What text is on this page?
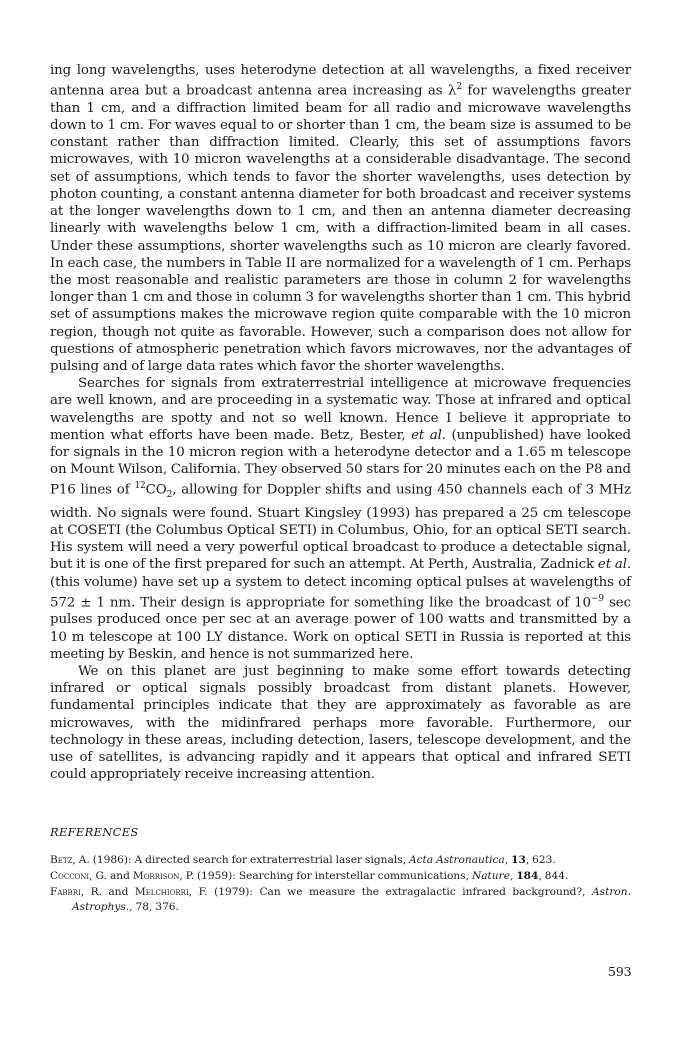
ing long wavelengths, uses heterodyne detection at all wavelengths, a fixed receiver antenna area but a broadcast antenna area increasing as $\lambda^2$ for wavelengths greater than 1 cm, and a diffraction limited beam for all radio and microwave wavelengths down to 1 cm. For waves equal to or shorter than 1 cm, the beam size is assumed to be constant rather than diffraction limited. Clearly, this set of assumptions favors microwaves, with 10 micron wavelengths at a considerable disadvantage. The second set of assumptions, which tends to favor the shorter wavelengths, uses detection by photon counting, a constant antenna diameter for both broadcast and receiver systems at the longer wavelengths down to 1 cm, and then an antenna diameter decreasing linearly with wavelengths below 1 cm, with a diffraction-limited beam in all cases. Under these assumptions, shorter wavelengths such as 10 micron are clearly favored. In each case, the numbers in Table II are normalized for a wavelength of 1 cm. Perhaps the most reasonable and realistic parameters are those in column 2 for wavelengths longer than 1 cm and those in column 3 for wavelengths shorter than 1 cm. This hybrid set of assumptions makes the microwave region quite comparable with the 10 micron region, though not quite as favorable. However, such a comparison does not allow for questions of atmospheric penetration which favors microwaves, nor the advantages of pulsing and of large data rates which favor the shorter wavelengths.

Searches for signals from extraterrestrial intelligence at microwave frequencies are well known, and are proceeding in a systematic way. Those at infrared and optical wavelengths are spotty and not so well known. Hence I believe it appropriate to mention what efforts have been made. Betz, Bester, et al. (unpublished) have looked for signals in the 10 micron region with a heterodyne detector and a 1.65 m telescope on Mount Wilson, California. They observed 50 stars for 20 minutes each on the P8 and P16 lines of $^{12}CO_2$, allowing for Doppler shifts and using 450 channels each of 3 MHz width. No signals were found. Stuart Kingsley (1993) has prepared a 25 cm telescope at COSETI (the Columbus Optical SETI) in Columbus, Ohio, for an optical SETI search. His system will need a very powerful optical broadcast to produce a detectable signal, but it is one of the first prepared for such an attempt. At Perth, Australia, Zadnick et al. (this volume) have set up a system to detect incoming optical pulses at wavelengths of 572 ± 1 nm. Their design is appropriate for something like the broadcast of $10^{-9}$ sec pulses produced once per sec at an average power of 100 watts and transmitted by a 10 m telescope at 100 LY distance. Work on optical SETI in Russia is reported at this meeting by Beskin, and hence is not summarized here.

We on this planet are just beginning to make some effort towards detecting infrared or optical signals possibly broadcast from distant planets. However, fundamental principles indicate that they are approximately as favorable as are microwaves, with the midinfrared perhaps more favorable. Furthermore, our technology in these areas, including detection, lasers, telescope development, and the use of satellites, is advancing rapidly and it appears that optical and infrared SETI could appropriately receive increasing attention.

REFERENCES
Betz, A. (1986): A directed search for extraterrestrial laser signals, Acta Astronautica, 13, 623.
Cocconi, G. and Morrison, P. (1959): Searching for interstellar communications, Nature, 184, 844.
Fabbri, R. and Melchiorri, F. (1979): Can we measure the extragalactic infrared background?, Astron. Astrophys., 78, 376.
593
